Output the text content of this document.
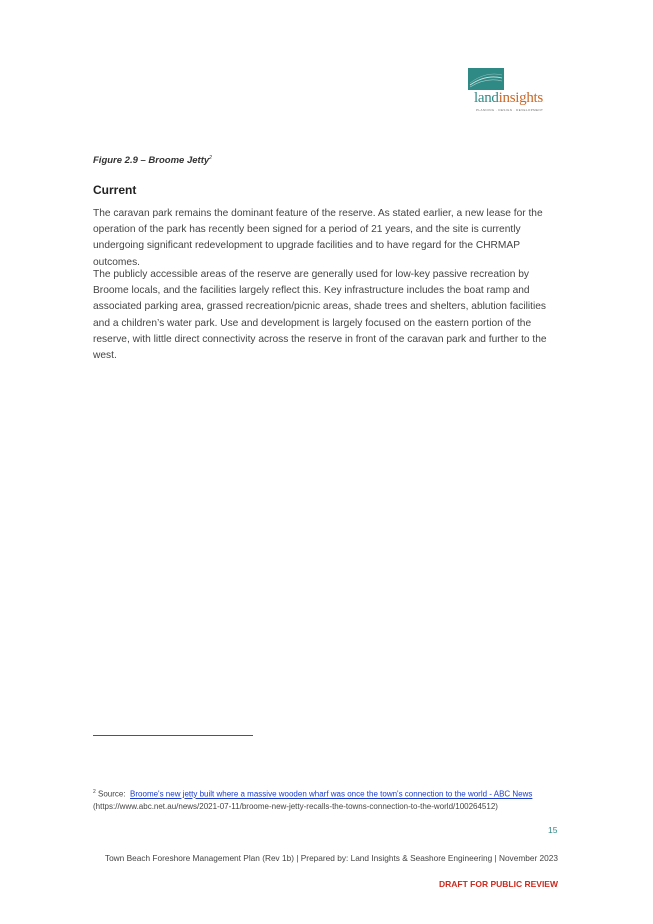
landinsights
PLANNING · DESIGN · DEVELOPMENT

Figure 2.9 – Broome Jetty$^2$

Current

The caravan park remains the dominant feature of the reserve. As stated earlier, a new lease for the operation of the park has recently been signed for a period of 21 years, and the site is currently undergoing significant redevelopment to upgrade facilities and to have regard for the CHRMAP outcomes.

The publicly accessible areas of the reserve are generally used for low-key passive recreation by Broome locals, and the facilities largely reflect this. Key infrastructure includes the boat ramp and associated parking area, grassed recreation/picnic areas, shade trees and shelters, ablution facilities and a children’s water park. Use and development is largely focused on the eastern portion of the reserve, with little direct connectivity across the reserve in front of the caravan park and further to the west.

$^2$ Source: Broome's new jetty built where a massive wooden wharf was once the town's connection to the world - ABC News
(https://www.abc.net.au/news/2021-07-11/broome-new-jetty-recalls-the-towns-connection-to-the-world/100264512)

15
Town Beach Foreshore Management Plan (Rev 1b) | Prepared by: Land Insights & Seashore Engineering | November 2023
DRAFT FOR PUBLIC REVIEW
